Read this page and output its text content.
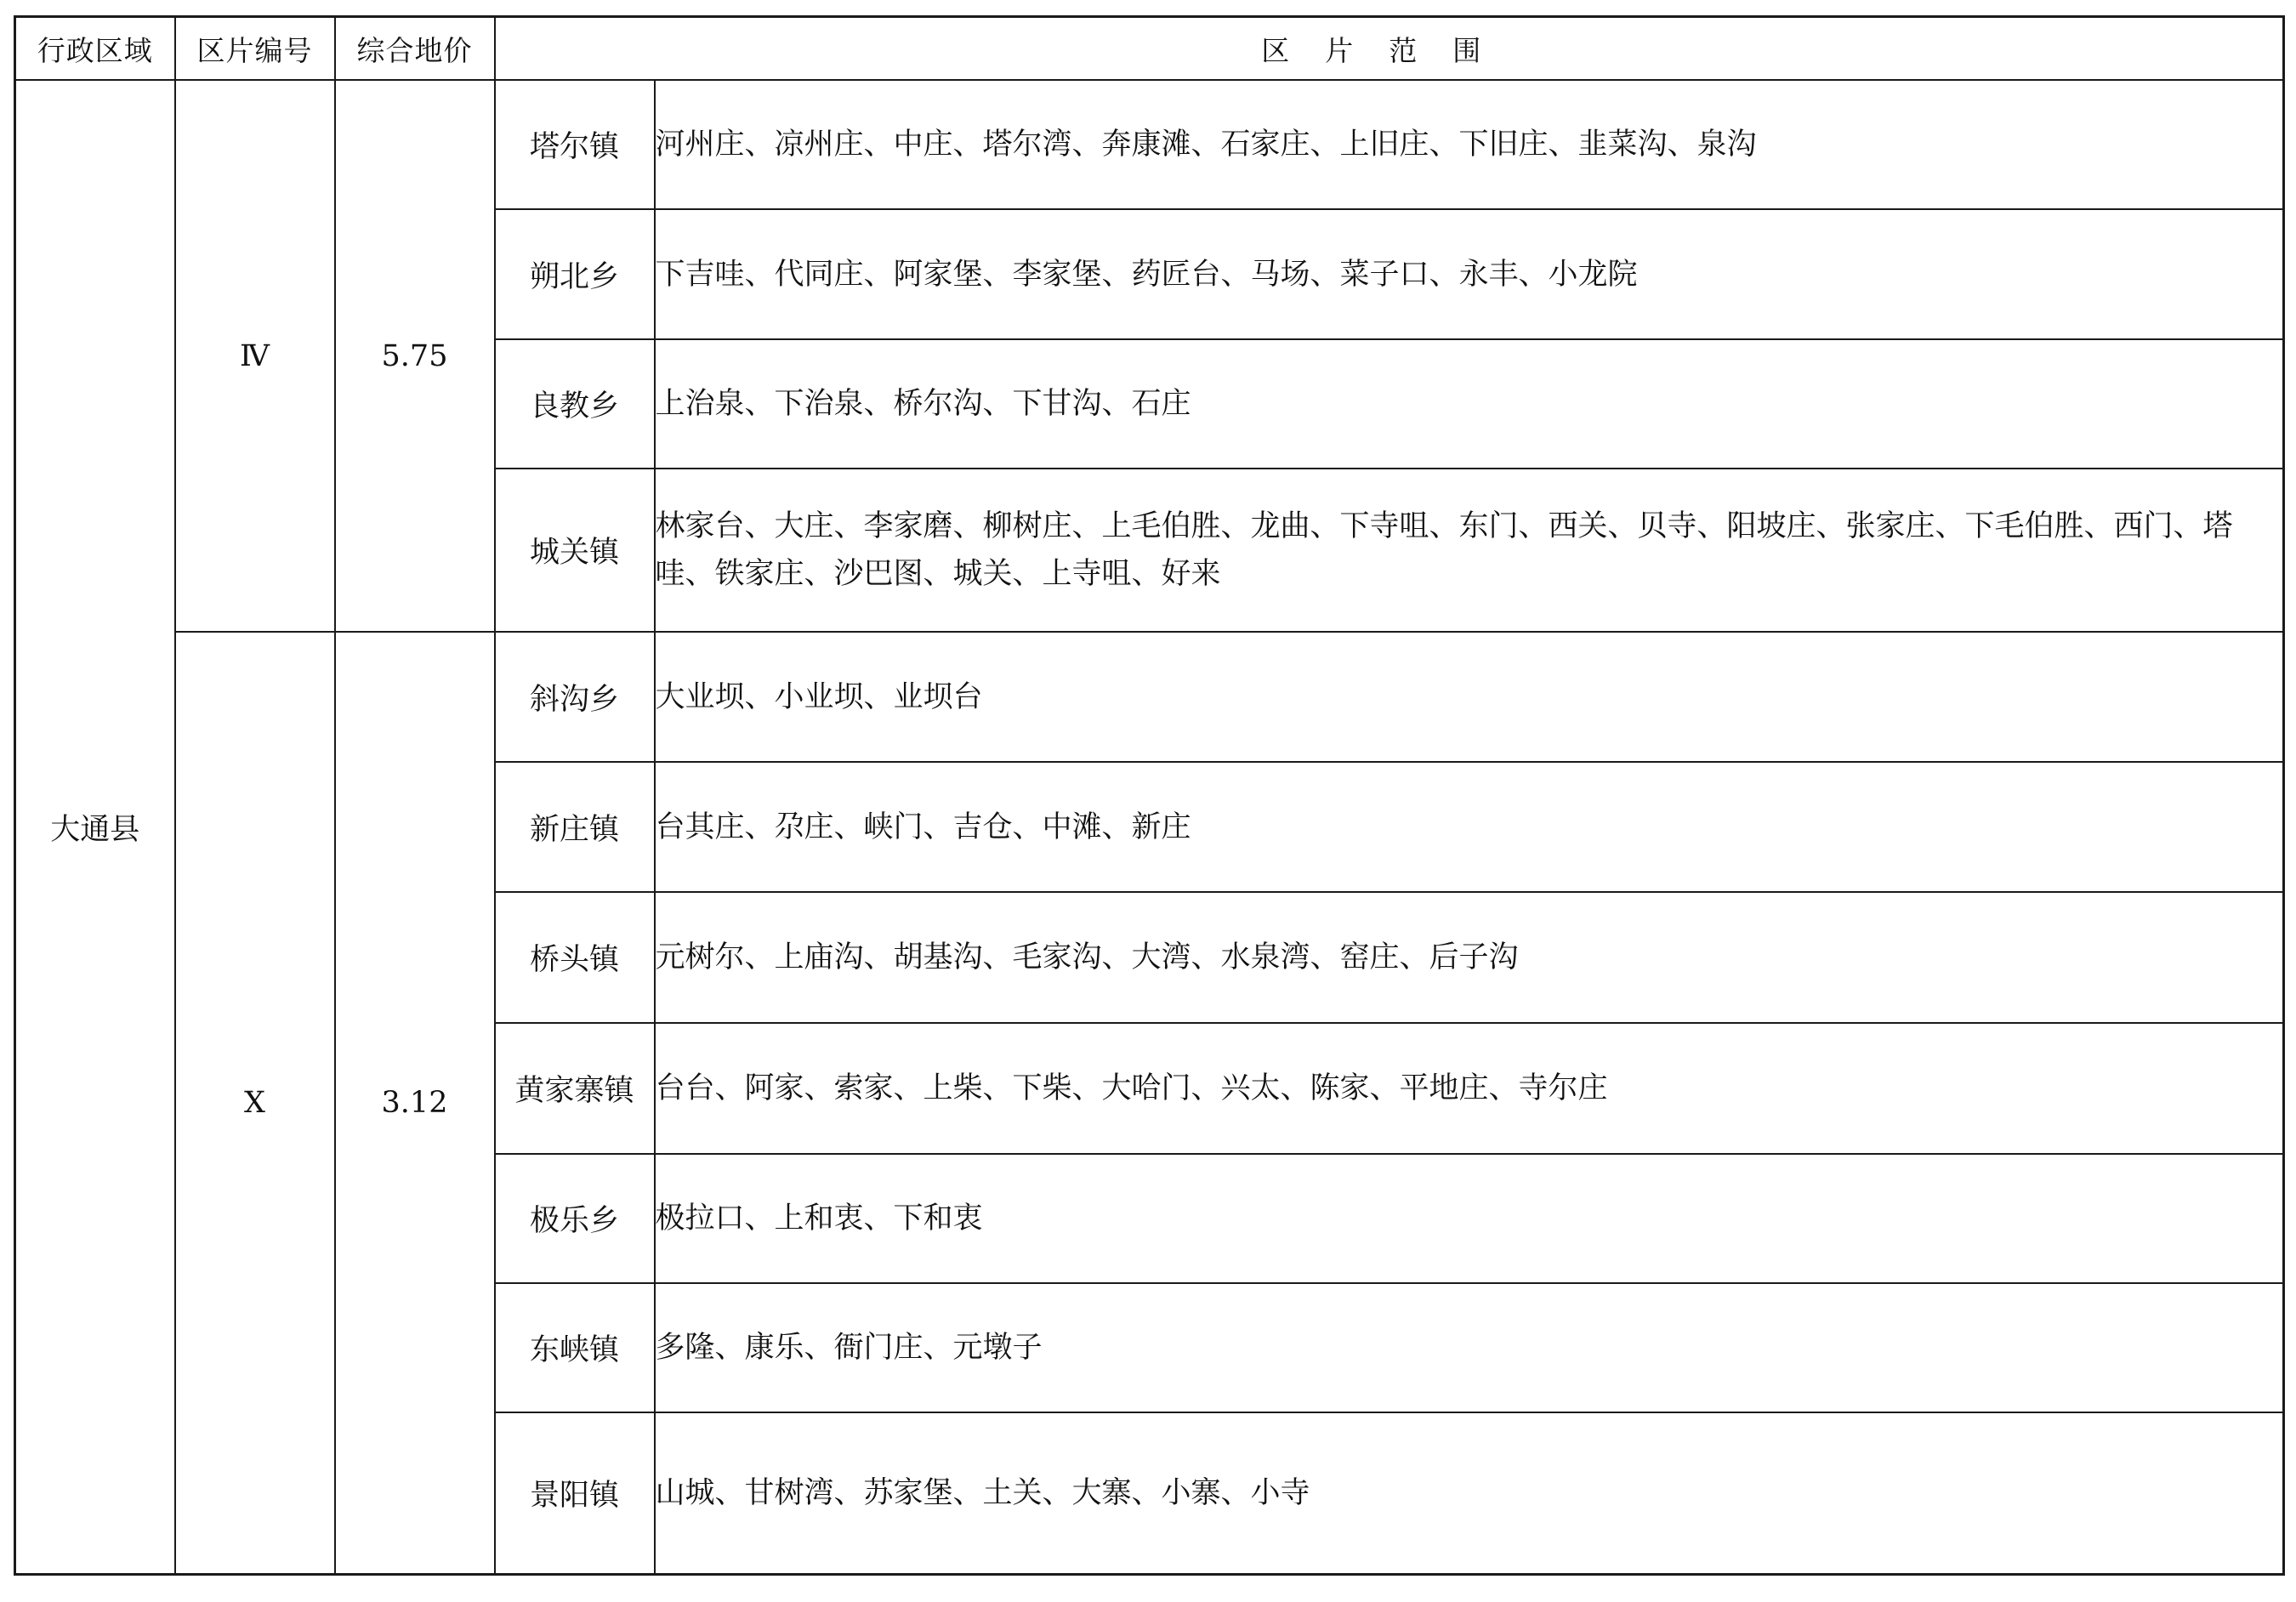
行政区域	区片编号	综合地价	区片范围	
大通县	Ⅳ	5.75	塔尔镇	河州庄、凉州庄、中庄、塔尔湾、奔康滩、石家庄、上旧庄、下旧庄、韭菜沟、泉沟
			朔北乡	下吉哇、代同庄、阿家堡、李家堡、药匠台、马场、菜子口、永丰、小龙院
			良教乡	上治泉、下治泉、桥尔沟、下甘沟、石庄
			城关镇	林家台、大庄、李家磨、柳树庄、上毛伯胜、龙曲、下寺咀、东门、西关、贝寺、阳坡庄、张家庄、下毛伯胜、西门、塔哇、铁家庄、沙巴图、城关、上寺咀、好来
	X	3.12	斜沟乡	大业坝、小业坝、业坝台
			新庄镇	台其庄、尕庄、峡门、吉仓、中滩、新庄
			桥头镇	元树尔、上庙沟、胡基沟、毛家沟、大湾、水泉湾、窑庄、后子沟
			黄家寨镇	台台、阿家、索家、上柴、下柴、大哈门、兴太、陈家、平地庄、寺尔庄
			极乐乡	极拉口、上和衷、下和衷
			东峡镇	多隆、康乐、衙门庄、元墩子
			景阳镇	山城、甘树湾、苏家堡、土关、大寨、小寨、小寺
